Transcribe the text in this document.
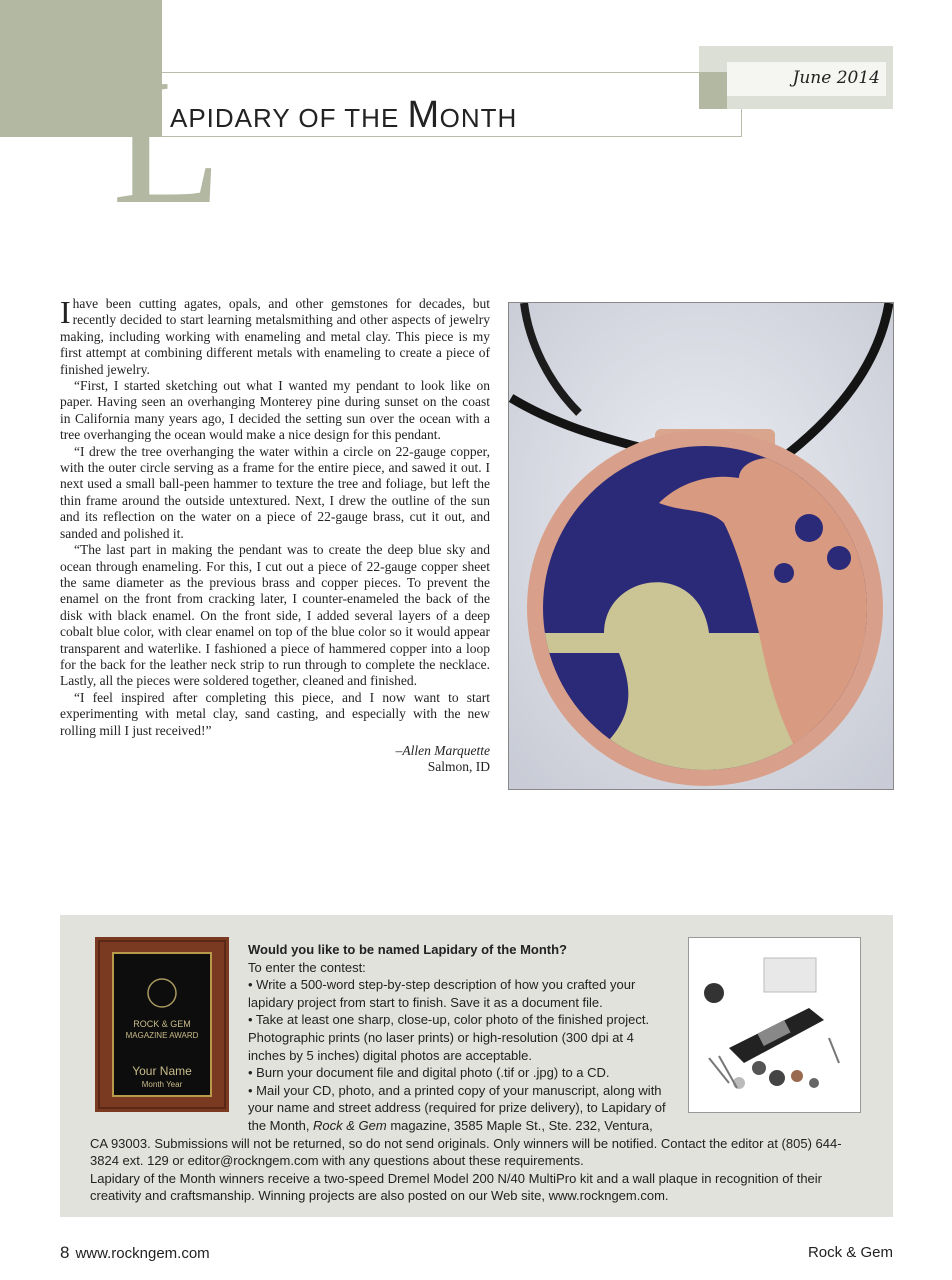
L
APIDARY OF THE MONTH
June 2014

Ihave been cutting agates, opals, and other gemstones for decades, but recently decided to start learning metalsmithing and other aspects of jewelry making, including working with enameling and metal clay. This piece is my first attempt at combining different metals with enameling to create a piece of finished jewelry.

“First, I started sketching out what I wanted my pendant to look like on paper. Having seen an overhanging Monterey pine during sunset on the coast in California many years ago, I decided the setting sun over the ocean with a tree overhanging the ocean would make a nice design for this pendant.

“I drew the tree overhanging the water within a circle on 22-gauge copper, with the outer circle serving as a frame for the entire piece, and sawed it out. I next used a small ball-peen hammer to texture the tree and foliage, but left the thin frame around the outside untextured. Next, I drew the outline of the sun and its reflection on the water on a piece of 22-gauge brass, cut it out, and sanded and polished it.

“The last part in making the pendant was to create the deep blue sky and ocean through enameling. For this, I cut out a piece of 22-gauge copper sheet the same diameter as the previous brass and copper pieces. To prevent the enamel on the front from cracking later, I counter-enameled the back of the disk with black enamel. On the front side, I added several layers of a deep cobalt blue color, with clear enamel on top of the blue color so it would appear transparent and waterlike. I fashioned a piece of hammered copper into a loop for the back for the leather neck strip to run through to complete the necklace. Lastly, all the pieces were soldered together, cleaned and finished.

“I feel inspired after completing this piece, and I now want to start experimenting with metal clay, sand casting, and especially with the new rolling mill I just received!”

–Allen Marquette
Salmon, ID
ROCK & GEM
MAGAZINE AWARD
Your Name
Month Year
Would you like to be named Lapidary of the Month?
To enter the contest:
• Write a 500-word step-by-step description of how you crafted your lapidary project from start to finish. Save it as a document file.
• Take at least one sharp, close-up, color photo of the finished project. Photographic prints (no laser prints) or high-resolution (300 dpi at 4 inches by 5 inches) digital photos are acceptable.
• Burn your document file and digital photo (.tif or .jpg) to a CD.
• Mail your CD, photo, and a printed copy of your manuscript, along with your name and street address (required for prize delivery), to Lapidary of the Month, Rock & Gem magazine, 3585 Maple St., Ste. 232, Ventura, CA 93003. Submissions will not be returned, so do not send originals. Only winners will be notified. Contact the editor at (805) 644-3824 ext. 129 or editor@rockngem.com with any questions about these requirements.
Lapidary of the Month winners receive a two-speed Dremel Model 200 N/40 MultiPro kit and a wall plaque in recognition of their creativity and craftsmanship. Winning projects are also posted on our Web site, www.rockngem.com.
8 www.rockngem.com	Rock & Gem
